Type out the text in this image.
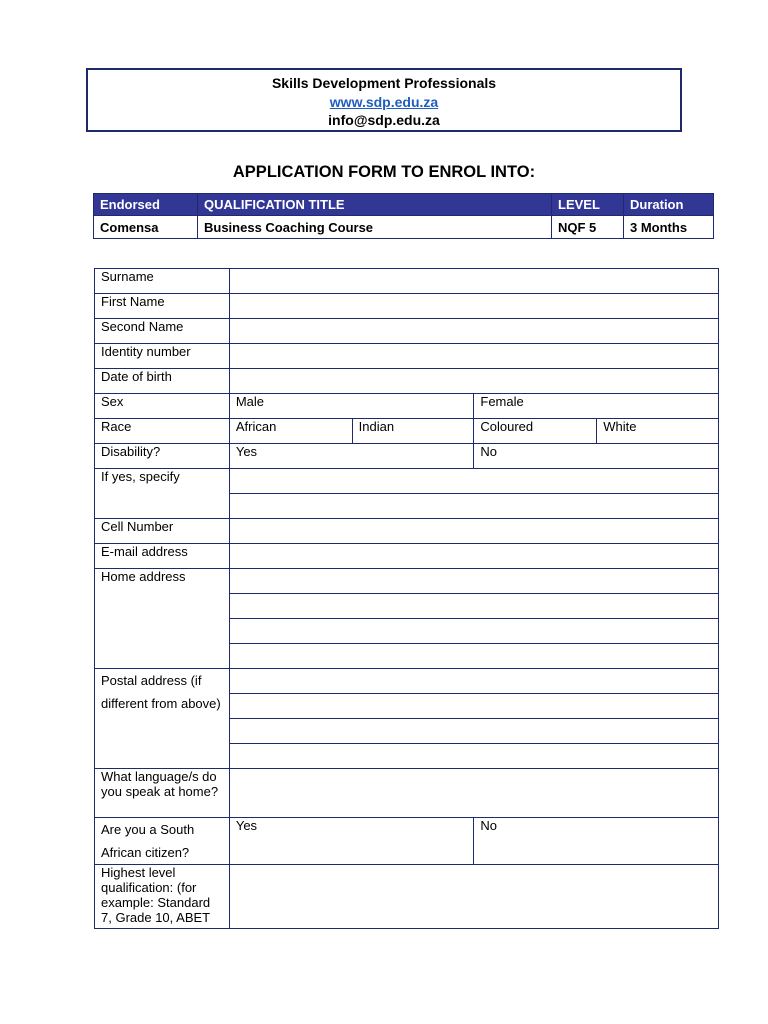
Skills Development Professionals
www.sdp.edu.za
info@sdp.edu.za
APPLICATION FORM TO ENROL INTO:
Endorsed	QUALIFICATION TITLE	LEVEL	Duration
Comensa	Business Coaching Course	NQF 5	3 Months
Surname				
First Name				
Second Name				
Identity number				
Date of birth				
Sex	Male		Female	
Race	African	Indian	Coloured	White
Disability?	Yes		No	
If yes, specify				

Cell Number				
E-mail address				
Home address				

Postal address (if different from above)				

What language/s do you speak at home?				
Are you a South African citizen?	Yes		No	
Highest level qualification: (for example: Standard 7, Grade 10, ABET				
